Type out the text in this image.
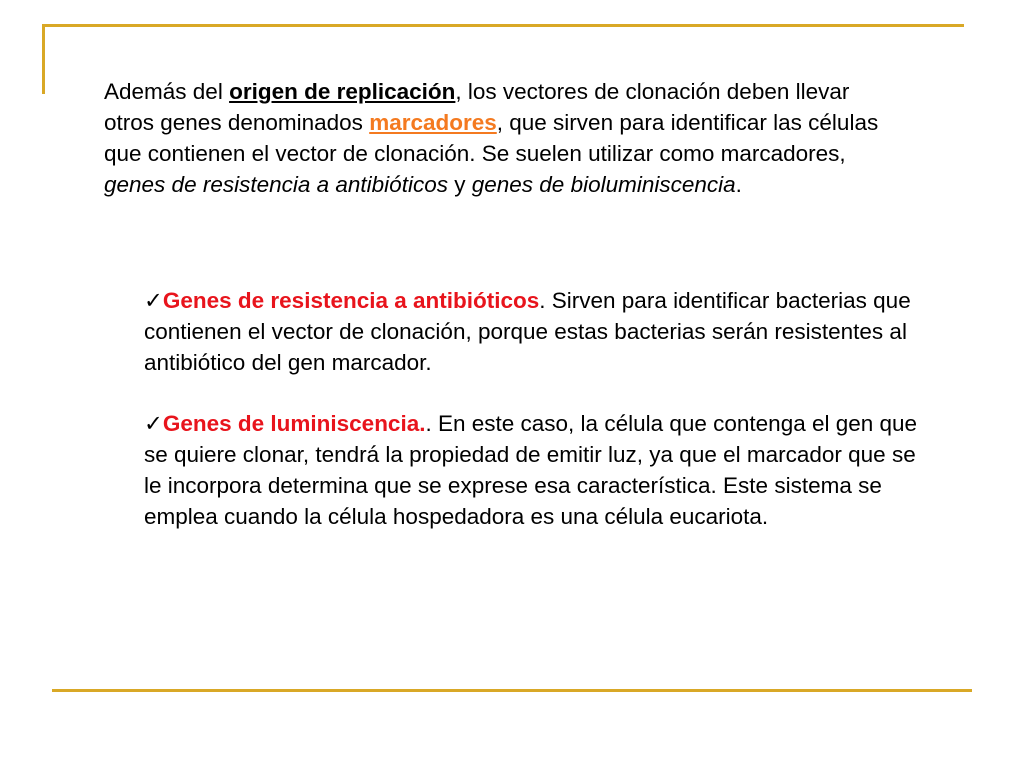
Además del origen de replicación, los vectores de clonación deben llevar otros genes denominados marcadores, que sirven para identificar las células que contienen el vector de clonación. Se suelen utilizar como marcadores, genes de resistencia a antibióticos y genes de bioluminiscencia.

✓Genes de resistencia a antibióticos. Sirven para identificar bacterias que contienen el vector de clonación, porque estas bacterias serán resistentes al antibiótico del gen marcador.

✓Genes de luminiscencia.. En este caso, la célula que contenga el gen que se quiere clonar, tendrá la propiedad de emitir luz, ya que el marcador que se le incorpora determina que se exprese esa característica. Este sistema se emplea cuando la célula hospedadora es una célula eucariota.
